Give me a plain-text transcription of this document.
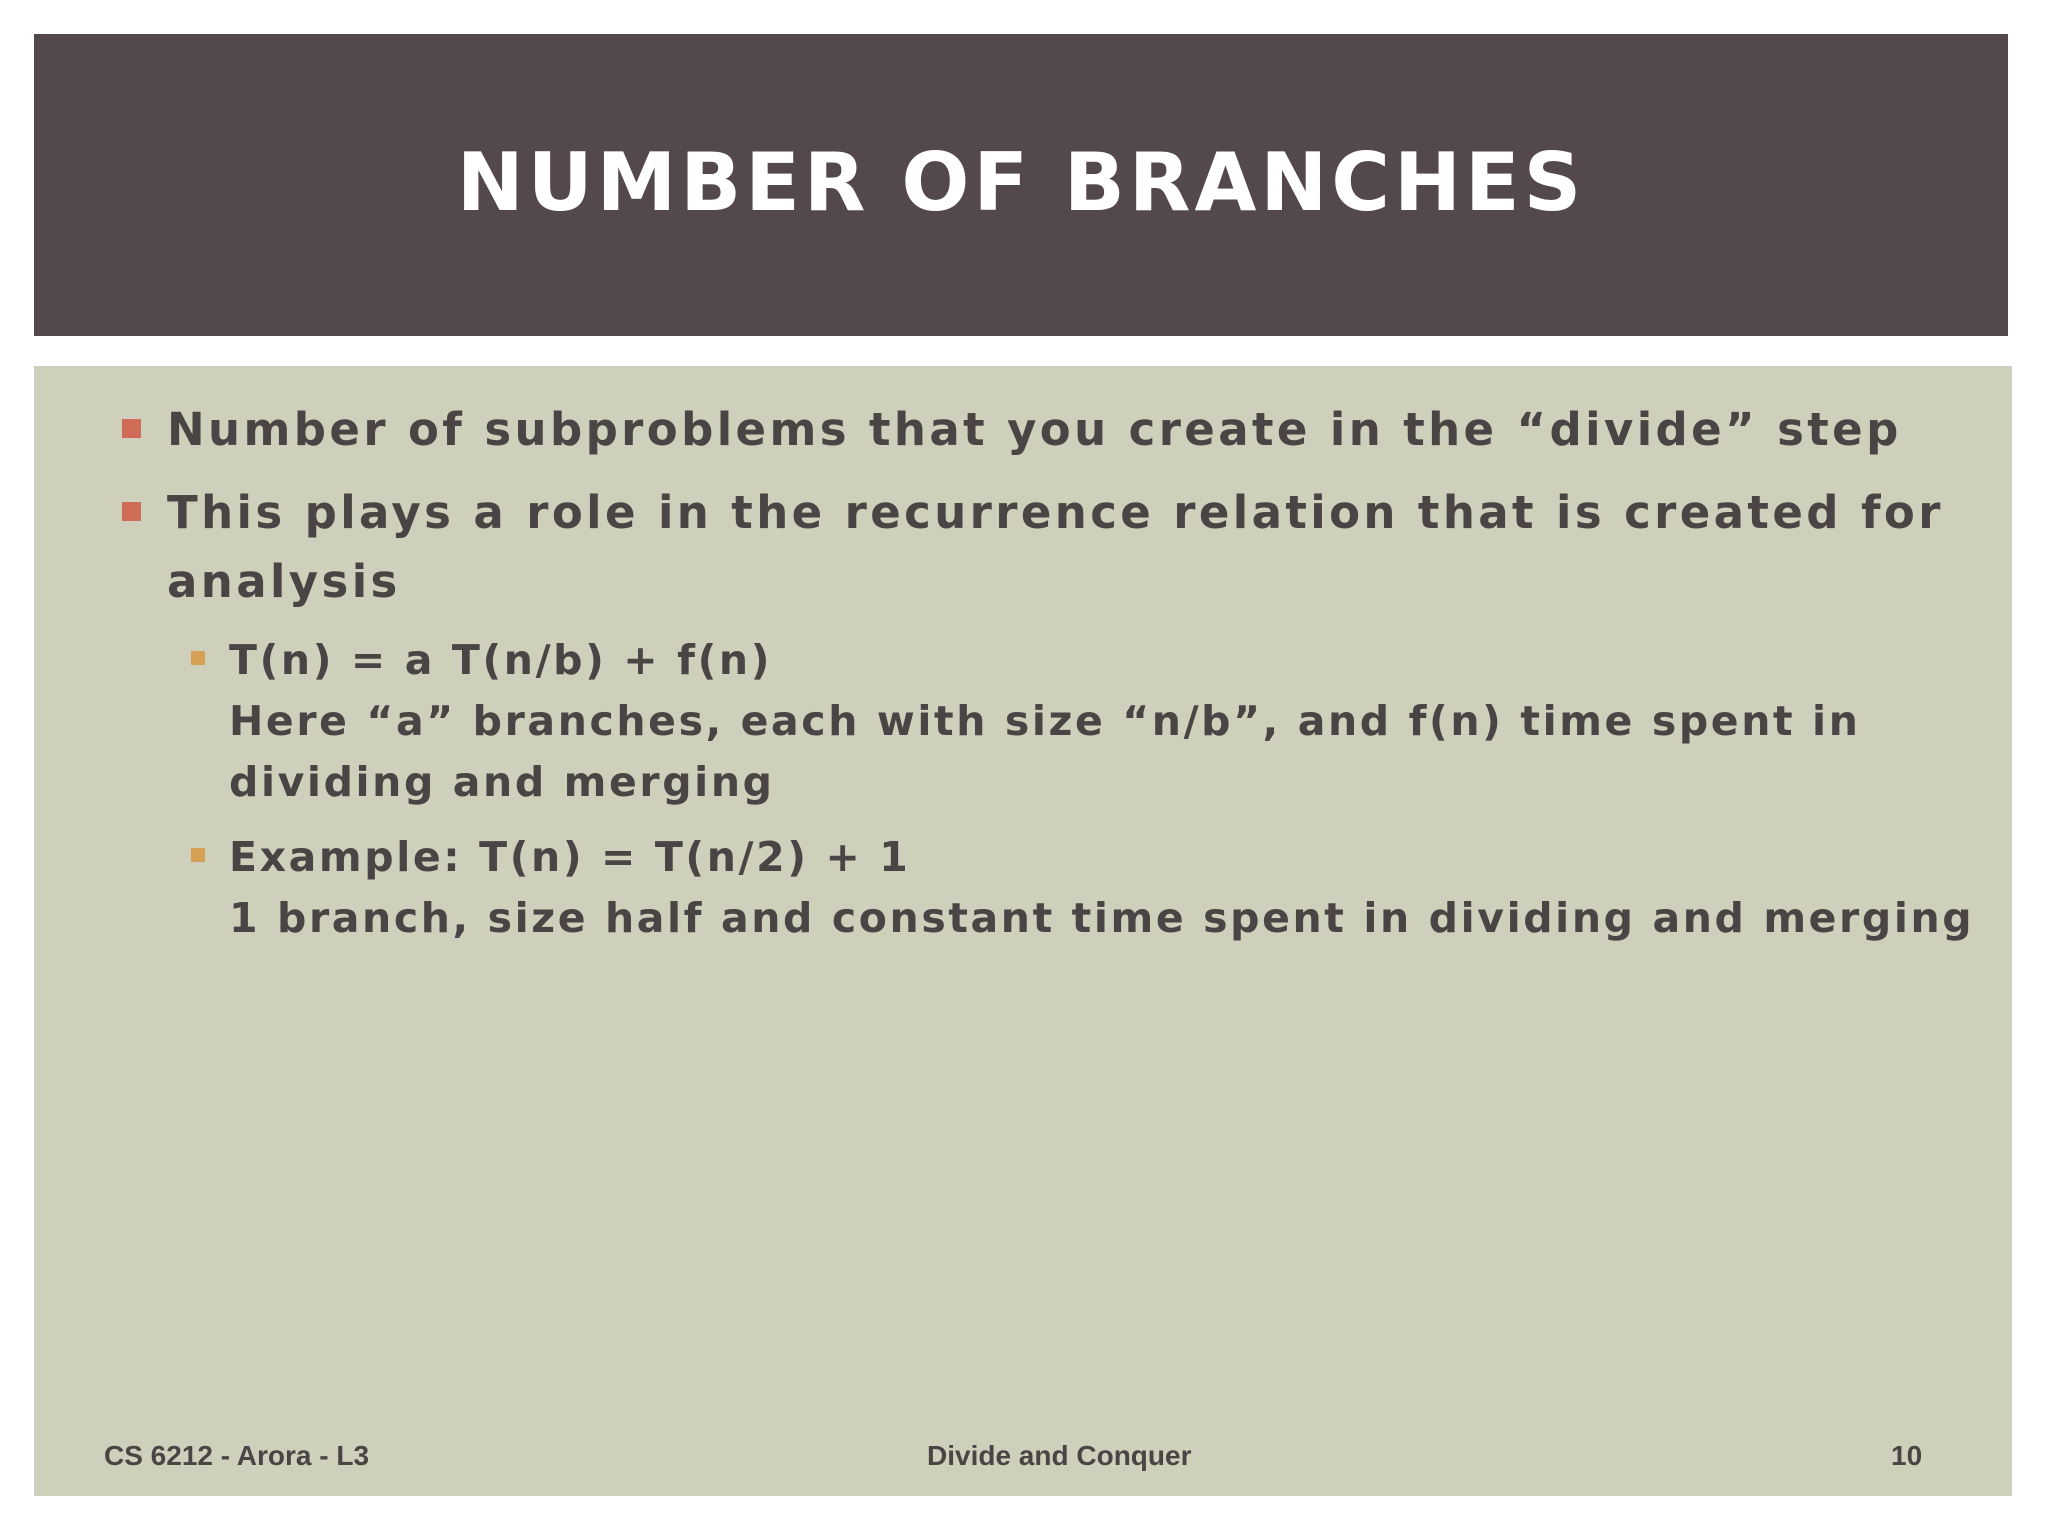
NUMBER OF BRANCHES
Number of subproblems that you create in the “divide” step
This plays a role in the recurrence relation that is created for
analysis
T(n) = a T(n/b) + f(n)
Here “a” branches, each with size “n/b”, and f(n) time spent in
dividing and merging
Example: T(n) = T(n/2) + 1
1 branch, size half and constant time spent in dividing and merging
CS 6212 - Arora - L3	Divide and Conquer	10
